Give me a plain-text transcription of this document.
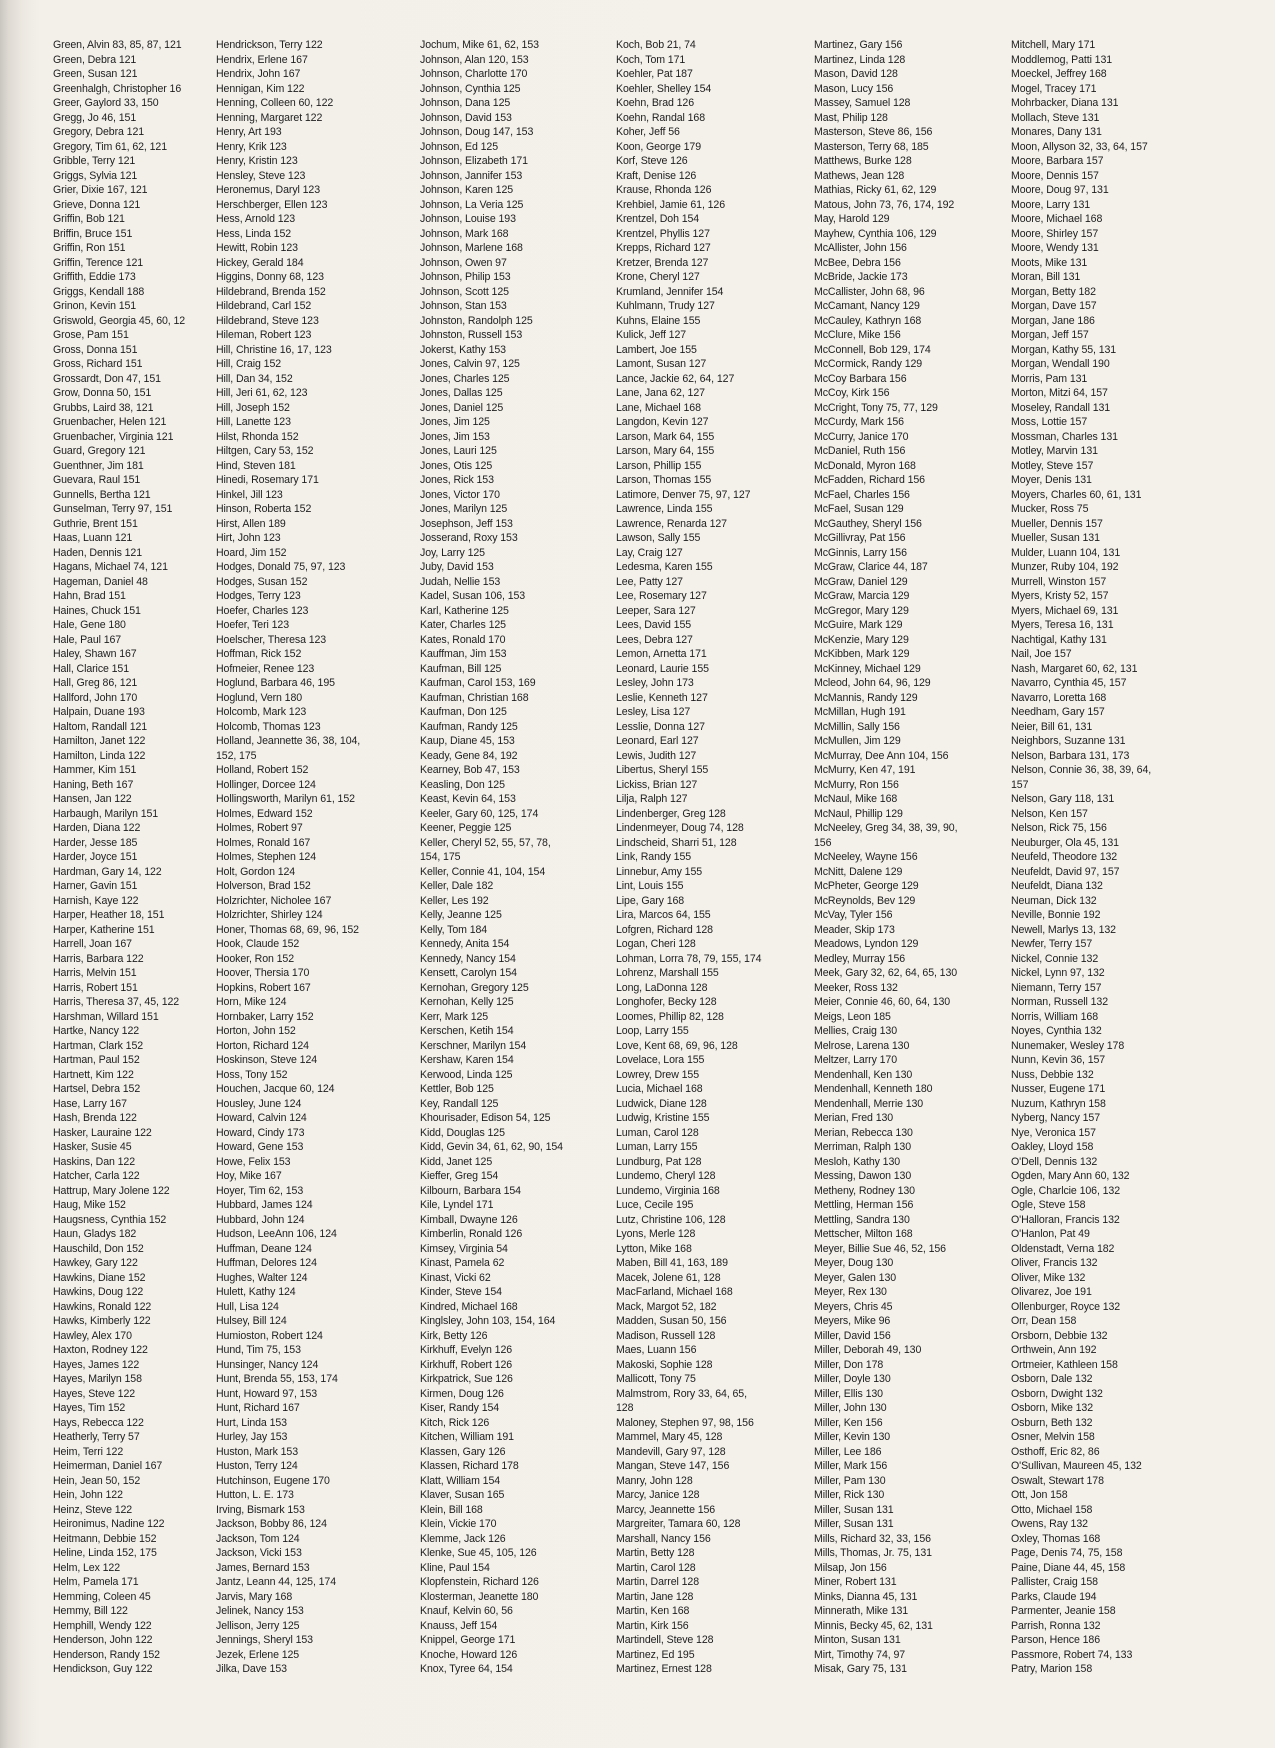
Green, Alvin 83, 85, 87, 121
Green, Debra 121
Green, Susan 121
Greenhalgh, Christopher 16
Greer, Gaylord 33, 150
Gregg, Jo 46, 151
Gregory, Debra 121
Gregory, Tim 61, 62, 121
Gribble, Terry 121
Griggs, Sylvia 121
Grier, Dixie 167, 121
Grieve, Donna 121
Griffin, Bob 121
Briffin, Bruce 151
Griffin, Ron 151
Griffin, Terence 121
Griffith, Eddie 173
Griggs, Kendall 188
Grinon, Kevin 151
Griswold, Georgia 45, 60, 12
Grose, Pam 151
Gross, Donna 151
Gross, Richard 151
Grossardt, Don 47, 151
Grow, Donna 50, 151
Grubbs, Laird 38, 121
Gruenbacher, Helen 121
Gruenbacher, Virginia 121
Guard, Gregory 121
Guenthner, Jim 181
Guevara, Raul 151
Gunnells, Bertha 121
Gunselman, Terry 97, 151
Guthrie, Brent 151
Haas, Luann 121
Haden, Dennis 121
Hagans, Michael 74, 121
Hageman, Daniel 48
Hahn, Brad 151
Haines, Chuck 151
Hale, Gene 180
Hale, Paul 167
Haley, Shawn 167
Hall, Clarice 151
Hall, Greg 86, 121
Hallford, John 170
Halpain, Duane 193
Haltom, Randall 121
Hamilton, Janet 122
Hamilton, Linda 122
Hammer, Kim 151
Haning, Beth 167
Hansen, Jan 122
Harbaugh, Marilyn 151
Harden, Diana 122
Harder, Jesse 185
Harder, Joyce 151
Hardman, Gary 14, 122
Harner, Gavin 151
Harnish, Kaye 122
Harper, Heather 18, 151
Harper, Katherine 151
Harrell, Joan 167
Harris, Barbara 122
Harris, Melvin 151
Harris, Robert 151
Harris, Theresa 37, 45, 122
Harshman, Willard 151
Hartke, Nancy 122
Hartman, Clark 152
Hartman, Paul 152
Hartnett, Kim 122
Hartsel, Debra 152
Hase, Larry 167
Hash, Brenda 122
Hasker, Lauraine 122
Hasker, Susie 45
Haskins, Dan 122
Hatcher, Carla 122
Hattrup, Mary Jolene 122
Haug, Mike 152
Haugsness, Cynthia 152
Haun, Gladys 182
Hauschild, Don 152
Hawkey, Gary 122
Hawkins, Diane 152
Hawkins, Doug 122
Hawkins, Ronald 122
Hawks, Kimberly 122
Hawley, Alex 170
Haxton, Rodney 122
Hayes, James 122
Hayes, Marilyn 158
Hayes, Steve 122
Hayes, Tim 152
Hays, Rebecca 122
Heatherly, Terry 57
Heim, Terri 122
Heimerman, Daniel 167
Hein, Jean 50, 152
Hein, John 122
Heinz, Steve 122
Heironimus, Nadine 122
Heitmann, Debbie 152
Heline, Linda 152, 175
Helm, Lex 122
Helm, Pamela 171
Hemming, Coleen 45
Hemmy, Bill 122
Hemphill, Wendy 122
Henderson, John 122
Henderson, Randy 152
Hendickson, Guy 122
Hendrickson, Terry 122
Hendrix, Erlene 167
Hendrix, John 167
Hennigan, Kim 122
Henning, Colleen 60, 122
Henning, Margaret 122
Henry, Art 193
Henry, Krik 123
Henry, Kristin 123
Hensley, Steve 123
Heronemus, Daryl 123
Herschberger, Ellen 123
Hess, Arnold 123
Hess, Linda 152
Hewitt, Robin 123
Hickey, Gerald 184
Higgins, Donny 68, 123
Hildebrand, Brenda 152
Hildebrand, Carl 152
Hildebrand, Steve 123
Hileman, Robert 123
Hill, Christine 16, 17, 123
Hill, Craig 152
Hill, Dan 34, 152
Hill, Jeri 61, 62, 123
Hill, Joseph 152
Hill, Lanette 123
Hilst, Rhonda 152
Hiltgen, Cary 53, 152
Hind, Steven 181
Hinedi, Rosemary 171
Hinkel, Jill 123
Hinson, Roberta 152
Hirst, Allen 189
Hirt, John 123
Hoard, Jim 152
Hodges, Donald 75, 97, 123
Hodges, Susan 152
Hodges, Terry 123
Hoefer, Charles 123
Hoefer, Teri 123
Hoelscher, Theresa 123
Hoffman, Rick 152
Hofmeier, Renee 123
Hoglund, Barbara 46, 195
Hoglund, Vern 180
Holcomb, Mark 123
Holcomb, Thomas 123
Holland, Jeannette 36, 38, 104,
152, 175
Holland, Robert 152
Hollinger, Dorcee 124
Hollingsworth, Marilyn 61, 152
Holmes, Edward 152
Holmes, Robert 97
Holmes, Ronald 167
Holmes, Stephen 124
Holt, Gordon 124
Holverson, Brad 152
Holzrichter, Nicholee 167
Holzrichter, Shirley 124
Honer, Thomas 68, 69, 96, 152
Hook, Claude 152
Hooker, Ron 152
Hoover, Thersia 170
Hopkins, Robert 167
Horn, Mike 124
Hornbaker, Larry 152
Horton, John 152
Horton, Richard 124
Hoskinson, Steve 124
Hoss, Tony 152
Houchen, Jacque 60, 124
Housley, June 124
Howard, Calvin 124
Howard, Cindy 173
Howard, Gene 153
Howe, Felix 153
Hoy, Mike 167
Hoyer, Tim 62, 153
Hubbard, James 124
Hubbard, John 124
Hudson, LeeAnn 106, 124
Huffman, Deane 124
Huffman, Delores 124
Hughes, Walter 124
Hulett, Kathy 124
Hull, Lisa 124
Hulsey, Bill 124
Humioston, Robert 124
Hund, Tim 75, 153
Hunsinger, Nancy 124
Hunt, Brenda 55, 153, 174
Hunt, Howard 97, 153
Hunt, Richard 167
Hurt, Linda 153
Hurley, Jay 153
Huston, Mark 153
Huston, Terry 124
Hutchinson, Eugene 170
Hutton, L. E. 173
Irving, Bismark 153
Jackson, Bobby 86, 124
Jackson, Tom 124
Jackson, Vicki 153
James, Bernard 153
Jantz, Leann 44, 125, 174
Jarvis, Mary 168
Jelinek, Nancy 153
Jellison, Jerry 125
Jennings, Sheryl 153
Jezek, Erlene 125
Jilka, Dave 153
Jochum, Mike 61, 62, 153
Johnson, Alan 120, 153
Johnson, Charlotte 170
Johnson, Cynthia 125
Johnson, Dana 125
Johnson, David 153
Johnson, Doug 147, 153
Johnson, Ed 125
Johnson, Elizabeth 171
Johnson, Jannifer 153
Johnson, Karen 125
Johnson, La Veria 125
Johnson, Louise 193
Johnson, Mark 168
Johnson, Marlene 168
Johnson, Owen 97
Johnson, Philip 153
Johnson, Scott 125
Johnson, Stan 153
Johnston, Randolph 125
Johnston, Russell 153
Jokerst, Kathy 153
Jones, Calvin 97, 125
Jones, Charles 125
Jones, Dallas 125
Jones, Daniel 125
Jones, Jim 125
Jones, Jim 153
Jones, Lauri 125
Jones, Otis 125
Jones, Rick 153
Jones, Victor 170
Jones, Marilyn 125
Josephson, Jeff 153
Josserand, Roxy 153
Joy, Larry 125
Juby, David 153
Judah, Nellie 153
Kadel, Susan 106, 153
Karl, Katherine 125
Kater, Charles 125
Kates, Ronald 170
Kauffman, Jim 153
Kaufman, Bill 125
Kaufman, Carol 153, 169
Kaufman, Christian 168
Kaufman, Don 125
Kaufman, Randy 125
Kaup, Diane 45, 153
Keady, Gene 84, 192
Kearney, Bob 47, 153
Keasling, Don 125
Keast, Kevin 64, 153
Keeler, Gary 60, 125, 174
Keener, Peggie 125
Keller, Cheryl 52, 55, 57, 78,
154, 175
Keller, Connie 41, 104, 154
Keller, Dale 182
Keller, Les 192
Kelly, Jeanne 125
Kelly, Tom 184
Kennedy, Anita 154
Kennedy, Nancy 154
Kensett, Carolyn 154
Kernohan, Gregory 125
Kernohan, Kelly 125
Kerr, Mark 125
Kerschen, Ketih 154
Kerschner, Marilyn 154
Kershaw, Karen 154
Kerwood, Linda 125
Kettler, Bob 125
Key, Randall 125
Khourisader, Edison 54, 125
Kidd, Douglas 125
Kidd, Gevin 34, 61, 62, 90, 154
Kidd, Janet 125
Kieffer, Greg 154
Kilbourn, Barbara 154
Kile, Lyndel 171
Kimball, Dwayne 126
Kimberlin, Ronald 126
Kimsey, Virginia 54
Kinast, Pamela 62
Kinast, Vicki 62
Kinder, Steve 154
Kindred, Michael 168
Kinglsley, John 103, 154, 164
Kirk, Betty 126
Kirkhuff, Evelyn 126
Kirkhuff, Robert 126
Kirkpatrick, Sue 126
Kirmen, Doug 126
Kiser, Randy 154
Kitch, Rick 126
Kitchen, William 191
Klassen, Gary 126
Klassen, Richard 178
Klatt, William 154
Klaver, Susan 165
Klein, Bill 168
Klein, Vickie 170
Klemme, Jack 126
Klenke, Sue 45, 105, 126
Kline, Paul 154
Klopfenstein, Richard 126
Klosterman, Jeanette 180
Knauf, Kelvin 60, 56
Knauss, Jeff 154
Knippel, George 171
Knoche, Howard 126
Knox, Tyree 64, 154
Koch, Bob 21, 74
Koch, Tom 171
Koehler, Pat 187
Koehler, Shelley 154
Koehn, Brad 126
Koehn, Randal 168
Koher, Jeff 56
Koon, George 179
Korf, Steve 126
Kraft, Denise 126
Krause, Rhonda 126
Krehbiel, Jamie 61, 126
Krentzel, Doh 154
Krentzel, Phyllis 127
Krepps, Richard 127
Kretzer, Brenda 127
Krone, Cheryl 127
Krumland, Jennifer 154
Kuhlmann, Trudy 127
Kuhns, Elaine 155
Kulick, Jeff 127
Lambert, Joe 155
Lamont, Susan 127
Lance, Jackie 62, 64, 127
Lane, Jana 62, 127
Lane, Michael 168
Langdon, Kevin 127
Larson, Mark 64, 155
Larson, Mary 64, 155
Larson, Phillip 155
Larson, Thomas 155
Latimore, Denver 75, 97, 127
Lawrence, Linda 155
Lawrence, Renarda 127
Lawson, Sally 155
Lay, Craig 127
Ledesma, Karen 155
Lee, Patty 127
Lee, Rosemary 127
Leeper, Sara 127
Lees, David 155
Lees, Debra 127
Lemon, Arnetta 171
Leonard, Laurie 155
Lesley, John 173
Leslie, Kenneth 127
Lesley, Lisa 127
Lesslie, Donna 127
Leonard, Earl 127
Lewis, Judith 127
Libertus, Sheryl 155
Lickiss, Brian 127
Lilja, Ralph 127
Lindenberger, Greg 128
Lindenmeyer, Doug 74, 128
Lindscheid, Sharri 51, 128
Link, Randy 155
Linnebur, Amy 155
Lint, Louis 155
Lipe, Gary 168
Lira, Marcos 64, 155
Lofgren, Richard 128
Logan, Cheri 128
Lohman, Lorra 78, 79, 155, 174
Lohrenz, Marshall 155
Long, LaDonna 128
Longhofer, Becky 128
Loomes, Phillip 82, 128
Loop, Larry 155
Love, Kent 68, 69, 96, 128
Lovelace, Lora 155
Lowrey, Drew 155
Lucia, Michael 168
Ludwick, Diane 128
Ludwig, Kristine 155
Luman, Carol 128
Luman, Larry 155
Lundburg, Pat 128
Lundemo, Cheryl 128
Lundemo, Virginia 168
Luce, Cecile 195
Lutz, Christine 106, 128
Lyons, Merle 128
Lytton, Mike 168
Maben, Bill 41, 163, 189
Macek, Jolene 61, 128
MacFarland, Michael 168
Mack, Margot 52, 182
Madden, Susan 50, 156
Madison, Russell 128
Maes, Luann 156
Makoski, Sophie 128
Mallicott, Tony 75
Malmstrom, Rory 33, 64, 65,
128
Maloney, Stephen 97, 98, 156
Mammel, Mary 45, 128
Mandevill, Gary 97, 128
Mangan, Steve 147, 156
Manry, John 128
Marcy, Janice 128
Marcy, Jeannette 156
Margreiter, Tamara 60, 128
Marshall, Nancy 156
Martin, Betty 128
Martin, Carol 128
Martin, Darrel 128
Martin, Jane 128
Martin, Ken 168
Martin, Kirk 156
Martindell, Steve 128
Martinez, Ed 195
Martinez, Ernest 128
Martinez, Gary 156
Martinez, Linda 128
Mason, David 128
Mason, Lucy 156
Massey, Samuel 128
Mast, Philip 128
Masterson, Steve 86, 156
Masterson, Terry 68, 185
Matthews, Burke 128
Mathews, Jean 128
Mathias, Ricky 61, 62, 129
Matous, John 73, 76, 174, 192
May, Harold 129
Mayhew, Cynthia 106, 129
McAllister, John 156
McBee, Debra 156
McBride, Jackie 173
McCallister, John 68, 96
McCamant, Nancy 129
McCauley, Kathryn 168
McClure, Mike 156
McConnell, Bob 129, 174
McCormick, Randy 129
McCoy Barbara 156
McCoy, Kirk 156
McCright, Tony 75, 77, 129
McCurdy, Mark 156
McCurry, Janice 170
McDaniel, Ruth 156
McDonald, Myron 168
McFadden, Richard 156
McFael, Charles 156
McFael, Susan 129
McGauthey, Sheryl 156
McGillivray, Pat 156
McGinnis, Larry 156
McGraw, Clarice 44, 187
McGraw, Daniel 129
McGraw, Marcia 129
McGregor, Mary 129
McGuire, Mark 129
McKenzie, Mary 129
McKibben, Mark 129
McKinney, Michael 129
Mcleod, John 64, 96, 129
McMannis, Randy 129
McMillan, Hugh 191
McMillin, Sally 156
McMullen, Jim 129
McMurray, Dee Ann 104, 156
McMurry, Ken 47, 191
McMurry, Ron 156
McNaul, Mike 168
McNaul, Phillip 129
McNeeley, Greg 34, 38, 39, 90,
156
McNeeley, Wayne 156
McNitt, Dalene 129
McPheter, George 129
McReynolds, Bev 129
McVay, Tyler 156
Meader, Skip 173
Meadows, Lyndon 129
Medley, Murray 156
Meek, Gary 32, 62, 64, 65, 130
Meeker, Ross 132
Meier, Connie 46, 60, 64, 130
Meigs, Leon 185
Mellies, Craig 130
Melrose, Larena 130
Meltzer, Larry 170
Mendenhall, Ken 130
Mendenhall, Kenneth 180
Mendenhall, Merrie 130
Merian, Fred 130
Merian, Rebecca 130
Merriman, Ralph 130
Mesloh, Kathy 130
Messing, Dawon 130
Metheny, Rodney 130
Mettling, Herman 156
Mettling, Sandra 130
Mettscher, Milton 168
Meyer, Billie Sue 46, 52, 156
Meyer, Doug 130
Meyer, Galen 130
Meyer, Rex 130
Meyers, Chris 45
Meyers, Mike 96
Miller, David 156
Miller, Deborah 49, 130
Miller, Don 178
Miller, Doyle 130
Miller, Ellis 130
Miller, John 130
Miller, Ken 156
Miller, Kevin 130
Miller, Lee 186
Miller, Mark 156
Miller, Pam 130
Miller, Rick 130
Miller, Susan 131
Miller, Susan 131
Mills, Richard 32, 33, 156
Mills, Thomas, Jr. 75, 131
Milsap, Jon 156
Miner, Robert 131
Minks, Dianna 45, 131
Minnerath, Mike 131
Minnis, Becky 45, 62, 131
Minton, Susan 131
Mirt, Timothy 74, 97
Misak, Gary 75, 131
Mitchell, Mary 171
Moddlemog, Patti 131
Moeckel, Jeffrey 168
Mogel, Tracey 171
Mohrbacker, Diana 131
Mollach, Steve 131
Monares, Dany 131
Moon, Allyson 32, 33, 64, 157
Moore, Barbara 157
Moore, Dennis 157
Moore, Doug 97, 131
Moore, Larry 131
Moore, Michael 168
Moore, Shirley 157
Moore, Wendy 131
Moots, Mike 131
Moran, Bill 131
Morgan, Betty 182
Morgan, Dave 157
Morgan, Jane 186
Morgan, Jeff 157
Morgan, Kathy 55, 131
Morgan, Wendall 190
Morris, Pam 131
Morton, Mitzi 64, 157
Moseley, Randall 131
Moss, Lottie 157
Mossman, Charles 131
Motley, Marvin 131
Motley, Steve 157
Moyer, Denis 131
Moyers, Charles 60, 61, 131
Mucker, Ross 75
Mueller, Dennis 157
Mueller, Susan 131
Mulder, Luann 104, 131
Munzer, Ruby 104, 192
Murrell, Winston 157
Myers, Kristy 52, 157
Myers, Michael 69, 131
Myers, Teresa 16, 131
Nachtigal, Kathy 131
Nail, Joe 157
Nash, Margaret 60, 62, 131
Navarro, Cynthia 45, 157
Navarro, Loretta 168
Needham, Gary 157
Neier, Bill 61, 131
Neighbors, Suzanne 131
Nelson, Barbara 131, 173
Nelson, Connie 36, 38, 39, 64,
157
Nelson, Gary 118, 131
Nelson, Ken 157
Nelson, Rick 75, 156
Neuburger, Ola 45, 131
Neufeld, Theodore 132
Neufeldt, David 97, 157
Neufeldt, Diana 132
Neuman, Dick 132
Neville, Bonnie 192
Newell, Marlys 13, 132
Newfer, Terry 157
Nickel, Connie 132
Nickel, Lynn 97, 132
Niemann, Terry 157
Norman, Russell 132
Norris, William 168
Noyes, Cynthia 132
Nunemaker, Wesley 178
Nunn, Kevin 36, 157
Nuss, Debbie 132
Nusser, Eugene 171
Nuzum, Kathryn 158
Nyberg, Nancy 157
Nye, Veronica 157
Oakley, Lloyd 158
O'Dell, Dennis 132
Ogden, Mary Ann 60, 132
Ogle, Charlcie 106, 132
Ogle, Steve 158
O'Halloran, Francis 132
O'Hanlon, Pat 49
Oldenstadt, Verna 182
Oliver, Francis 132
Oliver, Mike 132
Olivarez, Joe 191
Ollenburger, Royce 132
Orr, Dean 158
Orsborn, Debbie 132
Orthwein, Ann 192
Ortmeier, Kathleen 158
Osborn, Dale 132
Osborn, Dwight 132
Osborn, Mike 132
Osburn, Beth 132
Osner, Melvin 158
Osthoff, Eric 82, 86
O'Sullivan, Maureen 45, 132
Oswalt, Stewart 178
Ott, Jon 158
Otto, Michael 158
Owens, Ray 132
Oxley, Thomas 168
Page, Denis 74, 75, 158
Paine, Diane 44, 45, 158
Pallister, Craig 158
Parks, Claude 194
Parmenter, Jeanie 158
Parrish, Ronna 132
Parson, Hence 186
Passmore, Robert 74, 133
Patry, Marion 158
